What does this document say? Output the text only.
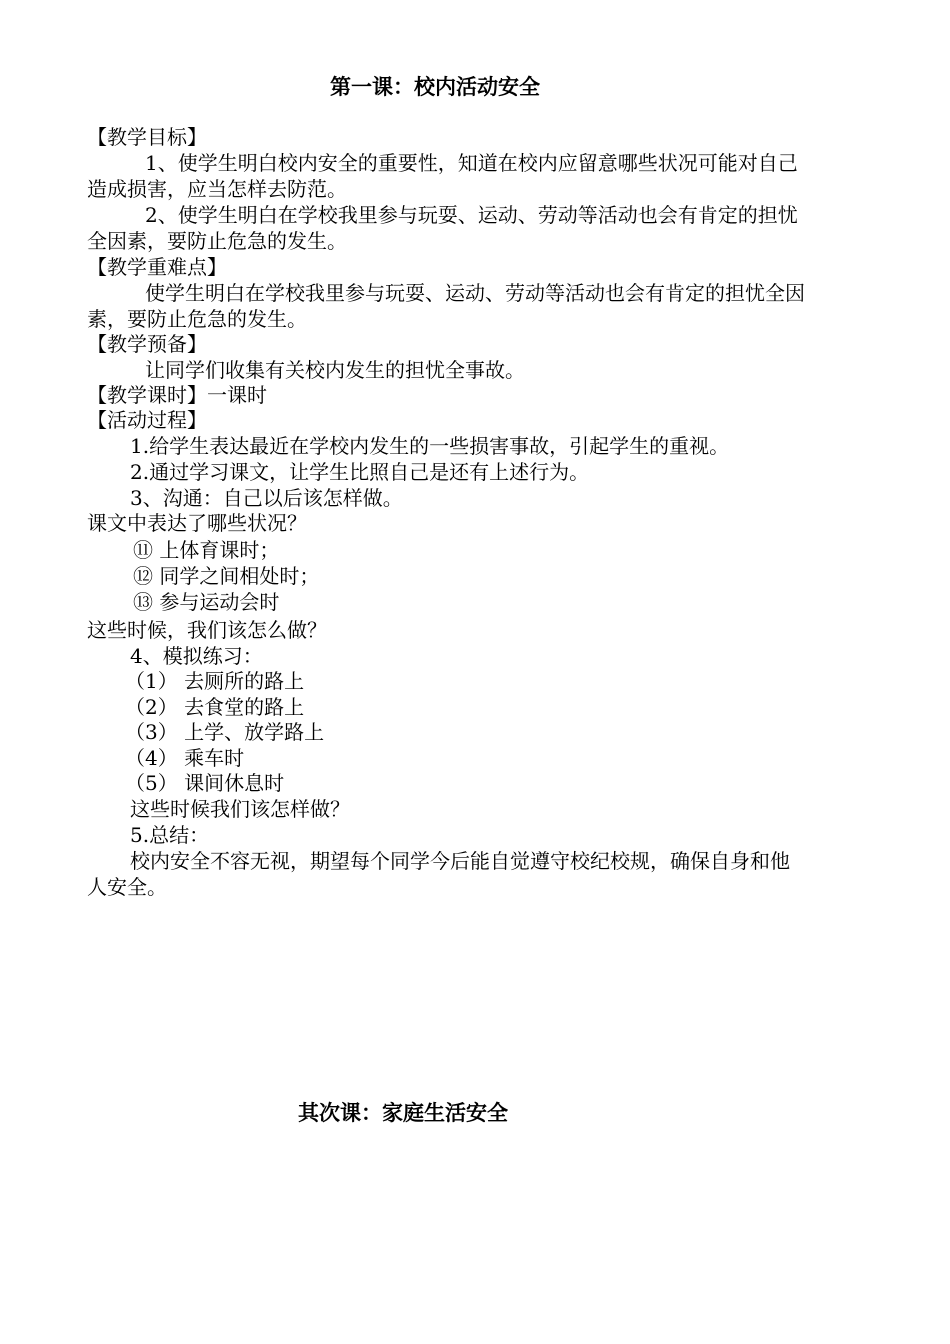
第一课：校内活动安全
【教学目标】
1、使学生明白校内安全的重要性，知道在校内应留意哪些状况可能对自己
造成损害，应当怎样去防范。
2、使学生明白在学校我里参与玩耍、运动、劳动等活动也会有肯定的担忧
全因素，要防止危急的发生。
【教学重难点】
使学生明白在学校我里参与玩耍、运动、劳动等活动也会有肯定的担忧全因
素，要防止危急的发生。
【教学预备】
让同学们收集有关校内发生的担忧全事故。
【教学课时】一课时
【活动过程】
1.给学生表达最近在学校内发生的一些损害事故，引起学生的重视。
2.通过学习课文，让学生比照自己是还有上述行为。
3、沟通：自己以后该怎样做。
课文中表达了哪些状况？
⑪ 上体育课时；
⑫ 同学之间相处时；
⑬ 参与运动会时
这些时候，我们该怎么做？
4、模拟练习：
（1） 去厕所的路上
（2） 去食堂的路上
（3） 上学、放学路上
（4） 乘车时
（5） 课间休息时
这些时候我们该怎样做？
5.总结：
校内安全不容无视，期望每个同学今后能自觉遵守校纪校规，确保自身和他
人安全。
其次课：家庭生活安全
